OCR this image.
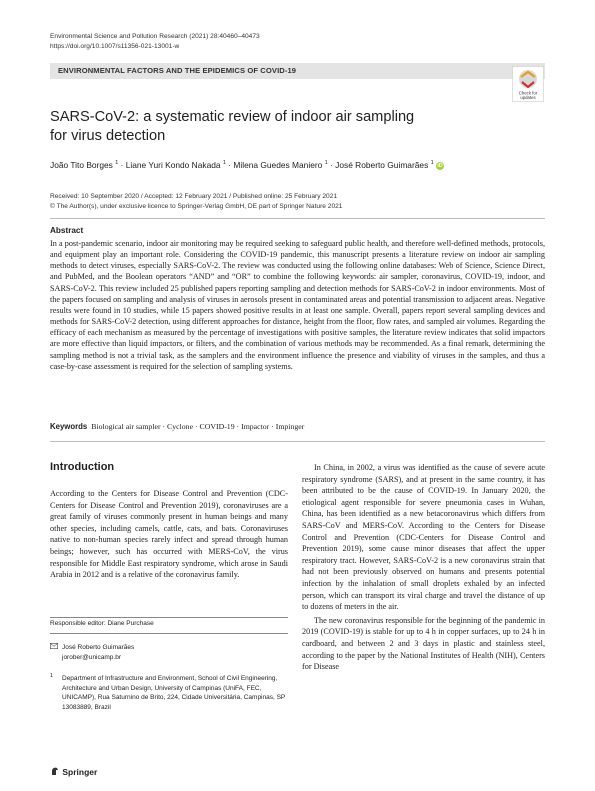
Environmental Science and Pollution Research (2021) 28:40460–40473
https://doi.org/10.1007/s11356-021-13001-w
ENVIRONMENTAL FACTORS AND THE EPIDEMICS OF COVID-19
Check for
updates
SARS-CoV-2: a systematic review of indoor air sampling
for virus detection
João Tito Borges $^1$ · Liane Yuri Kondo Nakada $^1$ · Milena Guedes Maniero $^1$ · José Roberto Guimarães $^1$ iD
Received: 10 September 2020 / Accepted: 12 February 2021 / Published online: 25 February 2021
© The Author(s), under exclusive licence to Springer-Verlag GmbH, DE part of Springer Nature 2021
Abstract
In a post-pandemic scenario, indoor air monitoring may be required seeking to safeguard public health, and therefore well-defined methods, protocols, and equipment play an important role. Considering the COVID-19 pandemic, this manuscript presents a literature review on indoor air sampling methods to detect viruses, especially SARS-CoV-2. The review was conducted using the following online databases: Web of Science, Science Direct, and PubMed, and the Boolean operators “AND” and “OR” to combine the following keywords: air sampler, coronavirus, COVID-19, indoor, and SARS-CoV-2. This review included 25 published papers reporting sampling and detection methods for SARS-CoV-2 in indoor environments. Most of the papers focused on sampling and analysis of viruses in aerosols present in contaminated areas and potential transmission to adjacent areas. Negative results were found in 10 studies, while 15 papers showed positive results in at least one sample. Overall, papers report several sampling devices and methods for SARS-CoV-2 detection, using different approaches for distance, height from the floor, flow rates, and sampled air volumes. Regarding the efficacy of each mechanism as measured by the percentage of investigations with positive samples, the literature review indicates that solid impactors are more effective than liquid impactors, or filters, and the combination of various methods may be recommended. As a final remark, determining the sampling method is not a trivial task, as the samplers and the environment influence the presence and viability of viruses in the samples, and thus a case-by-case assessment is required for the selection of sampling systems.
Keywords Biological air sampler · Cyclone · COVID-19 · Impactor · Impinger
Introduction
According to the Centers for Disease Control and Prevention (CDC-Centers for Disease Control and Prevention 2019), coronaviruses are a great family of viruses commonly present in human beings and many other species, including camels, cattle, cats, and bats. Coronaviruses native to non-human species rarely infect and spread through human beings; however, such has occurred with MERS-CoV, the virus responsible for Middle East respiratory syndrome, which arose in Saudi Arabia in 2012 and is a relative of the coronavirus family.

In China, in 2002, a virus was identified as the cause of severe acute respiratory syndrome (SARS), and at present in the same country, it has been attributed to be the cause of COVID-19. In January 2020, the etiological agent responsible for severe pneumonia cases in Wuhan, China, has been identified as a new betacoronavirus which differs from SARS-CoV and MERS-CoV. According to the Centers for Disease Control and Prevention (CDC-Centers for Disease Control and Prevention 2019), some cause minor diseases that affect the upper respiratory tract. However, SARS-CoV-2 is a new coronavirus strain that had not been previously observed on humans and presents potential infection by the inhalation of small droplets exhaled by an infected person, which can transport its viral charge and travel the distance of up to dozens of meters in the air.

The new coronavirus responsible for the beginning of the pandemic in 2019 (COVID-19) is stable for up to 4 h in copper surfaces, up to 24 h in cardboard, and between 2 and 3 days in plastic and stainless steel, according to the paper by the National Institutes of Health (NIH), Centers for Disease

Responsible editor: Diane Purchase
José Roberto Guimarães
jorober@unicamp.br
1	Department of Infrastructure and Environment, School of Civil Engineering, Architecture and Urban Design, University of Campinas (UniFA, FEC, UNICAMP), Rua Saturnino de Brito, 224, Cidade Universitária, Campinas, SP 13083889, Brazil
Springer
